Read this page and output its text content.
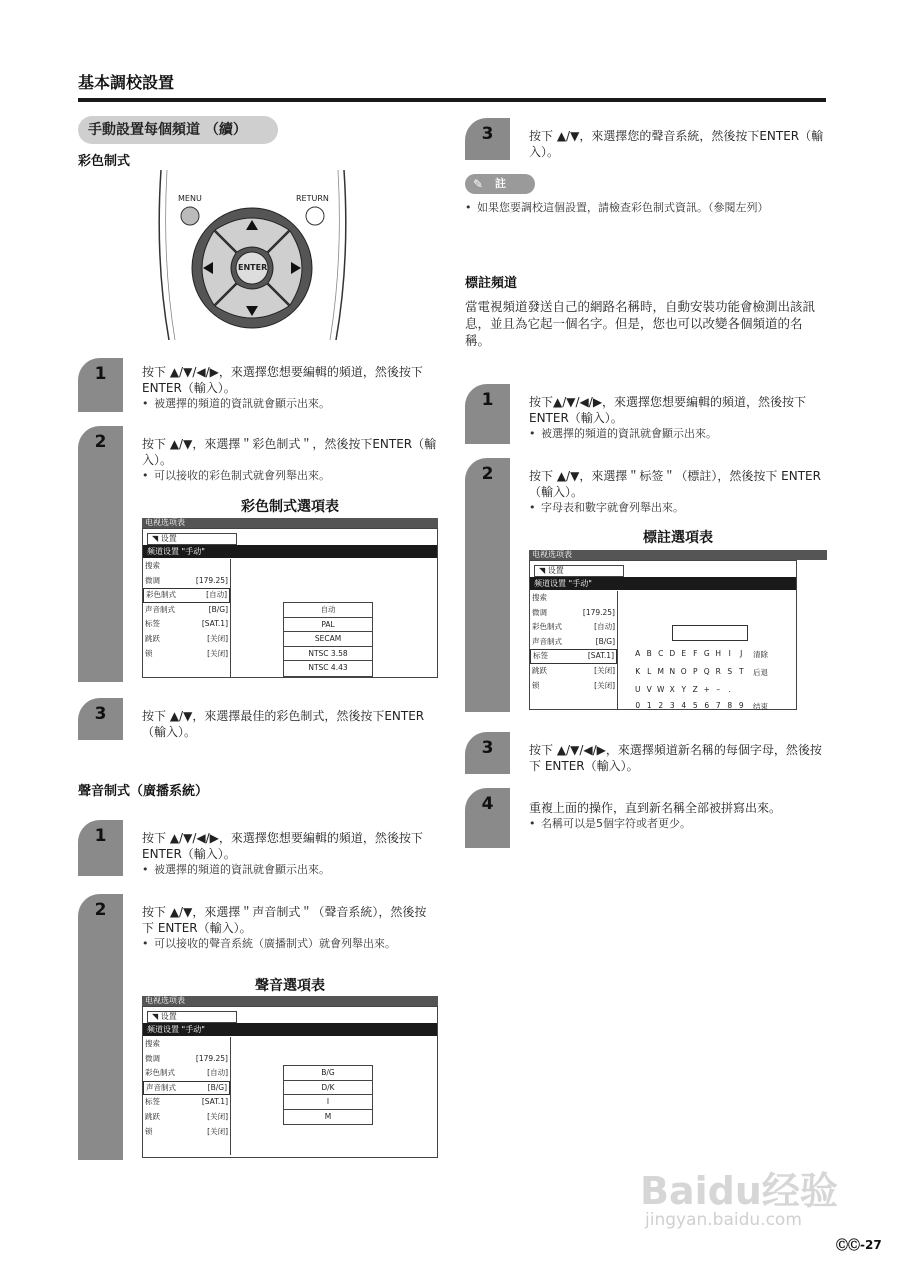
基本調校設置
手動設置每個頻道 （續）
彩色制式
MENU	RETURN
ENTER
1	按下 ▲/▼/◀/▶，來選擇您想要編輯的頻道，然後按下 ENTER（輸入）。
• 被選擇的頻道的資訊就會顯示出來。
2	按下 ▲/▼，來選擇＂彩色制式＂，然後按下ENTER（輸入）。
• 可以接收的彩色制式就會列舉出來。
彩色制式選項表
电视选项表
◥ 设置
频道设置 "手动"
搜索
微调	[179.25]
彩色制式	[自动]
声音制式	[B/G]
标签	[SAT.1]
跳跃	[关闭]
锁	[关闭]
自动
PAL
SECAM
NTSC 3.58
NTSC 4.43
3	按下 ▲/▼，來選擇最佳的彩色制式，然後按下ENTER（輸入）。
聲音制式（廣播系統）
1	按下 ▲/▼/◀/▶，來選擇您想要編輯的頻道，然後按下 ENTER（輸入）。
• 被選擇的頻道的資訊就會顯示出來。
2	按下 ▲/▼，來選擇＂声音制式＂（聲音系統），然後按下 ENTER（輸入）。
• 可以接收的聲音系統（廣播制式）就會列舉出來。
聲音選項表
电视选项表
◥ 设置
频道设置 "手动"
搜索
微调	[179.25]
彩色制式	[自动]
声音制式	[B/G]
标签	[SAT.1]
跳跃	[关闭]
锁	[关闭]
B/G
D/K
I
M
3	按下 ▲/▼，來選擇您的聲音系統，然後按下ENTER（輸入）。
✎ 註
• 如果您要調校這個設置，請檢查彩色制式資訊。（參閱左列）
標註頻道
當電視頻道發送自己的網路名稱時，自動安裝功能會檢測出該訊息，並且為它起一個名字。但是，您也可以改變各個頻道的名稱。
1	按下▲/▼/◀/▶，來選擇您想要編輯的頻道，然後按下 ENTER（輸入）。
• 被選擇的頻道的資訊就會顯示出來。
2	按下 ▲/▼，來選擇＂标签＂（標註），然後按下 ENTER（輸入）。
• 字母表和數字就會列舉出來。
標註選項表
电视选项表
◥ 设置
频道设置 "手动"
搜索
微调	[179.25]
彩色制式	[自动]
声音制式	[B/G]
标签	[SAT.1]
跳跃	[关闭]
锁	[关闭]
A B C D E F G H	I	J	清除
K L M N O P Q R S T	后退
U V W X Y Z + –	.
0 1 2 3 4 5 6 7 8 9	结束
3	按下 ▲/▼/◀/▶，來選擇頻道新名稱的每個字母，然後按下 ENTER（輸入）。
4	重複上面的操作，直到新名稱全部被拼寫出來。
• 名稱可以是5個字符或者更少。
Baidu经验
jingyan.baidu.com
ⒸⒸ-27
